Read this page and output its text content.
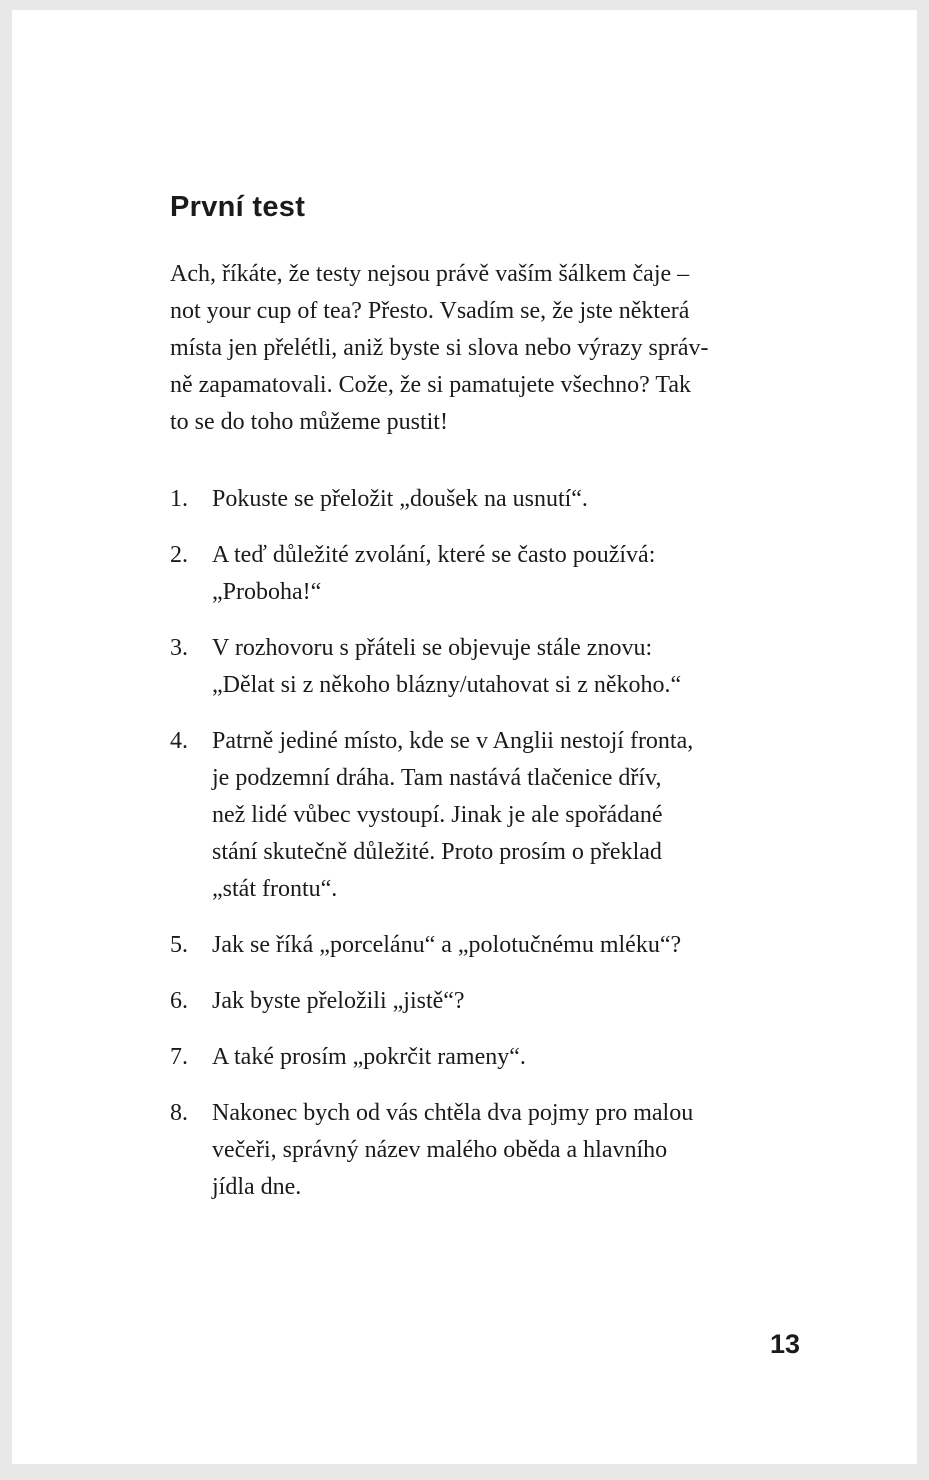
První test
Ach, říkáte, že testy nejsou právě vaším šálkem čaje –
not your cup of tea? Přesto. Vsadím se, že jste některá
místa jen přelétli, aniž byste si slova nebo výrazy správ-
ně zapamatovali. Cože, že si pamatujete všechno? Tak
to se do toho můžeme pustit!
1.	Pokuste se přeložit „doušek na usnutí“.
2.	A teď důležité zvolání, které se často používá:
„Proboha!“
3.	V rozhovoru s přáteli se objevuje stále znovu:
„Dělat si z někoho blázny/utahovat si z někoho.“
4.	Patrně jediné místo, kde se v Anglii nestojí fronta,
je podzemní dráha. Tam nastává tlačenice dřív,
než lidé vůbec vystoupí. Jinak je ale spořádané
stání skutečně důležité. Proto prosím o překlad
„stát frontu“.
5.	Jak se říká „porcelánu“ a „polotučnému mléku“?
6.	Jak byste přeložili „jistě“?
7.	A také prosím „pokrčit rameny“.
8.	Nakonec bych od vás chtěla dva pojmy pro malou
večeři, správný název malého oběda a hlavního
jídla dne.
13
